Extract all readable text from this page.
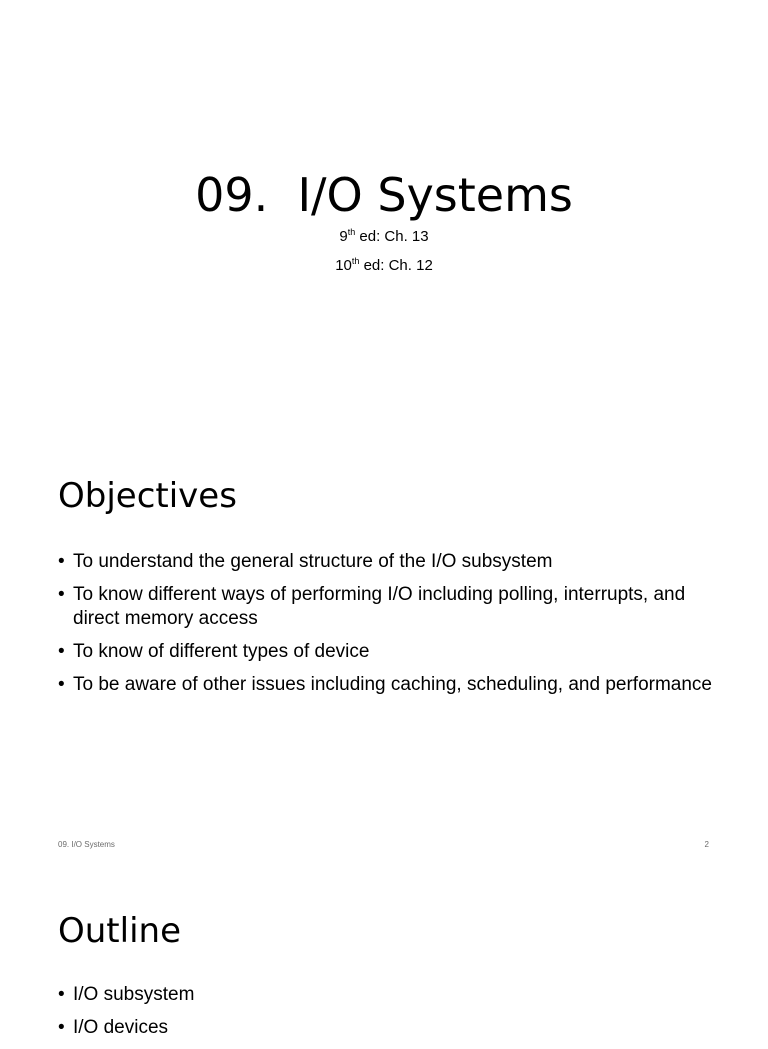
09.  I/O Systems
9th ed: Ch. 13
10th ed: Ch. 12
Objectives
• To understand the general structure of the I/O subsystem
• To know different ways of performing I/O including polling, interrupts, and direct memory access
• To know of different types of device
• To be aware of other issues including caching, scheduling, and performance
09. I/O Systems	2
Outline
• I/O subsystem
• I/O devices
